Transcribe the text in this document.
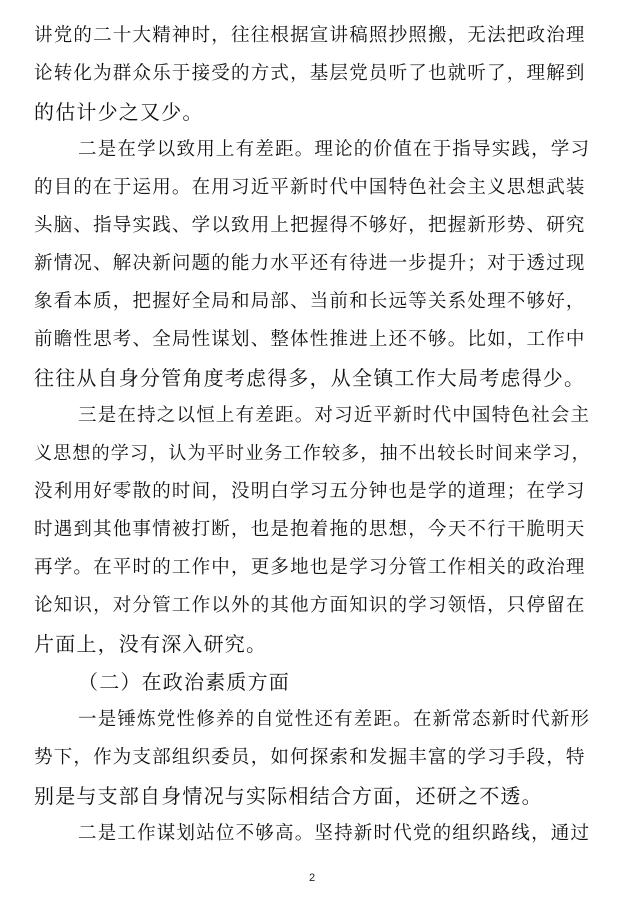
讲党的二十大精神时，往往根据宣讲稿照抄照搬，无法把政治理
论转化为群众乐于接受的方式，基层党员听了也就听了，理解到
的估计少之又少。
二是在学以致用上有差距。理论的价值在于指导实践，学习
的目的在于运用。在用习近平新时代中国特色社会主义思想武装
头脑、指导实践、学以致用上把握得不够好，把握新形势、研究
新情况、解决新问题的能力水平还有待进一步提升；对于透过现
象看本质，把握好全局和局部、当前和长远等关系处理不够好，
前瞻性思考、全局性谋划、整体性推进上还不够。比如，工作中
往往从自身分管角度考虑得多，从全镇工作大局考虑得少。
三是在持之以恒上有差距。对习近平新时代中国特色社会主
义思想的学习，认为平时业务工作较多，抽不出较长时间来学习，
没利用好零散的时间，没明白学习五分钟也是学的道理；在学习
时遇到其他事情被打断，也是抱着拖的思想，今天不行干脆明天
再学。在平时的工作中，更多地也是学习分管工作相关的政治理
论知识，对分管工作以外的其他方面知识的学习领悟，只停留在
片面上，没有深入研究。
（二）在政治素质方面
一是锤炼党性修养的自觉性还有差距。在新常态新时代新形
势下，作为支部组织委员，如何探索和发掘丰富的学习手段，特
别是与支部自身情况与实际相结合方面，还研之不透。
二是工作谋划站位不够高。坚持新时代党的组织路线，通过
2
